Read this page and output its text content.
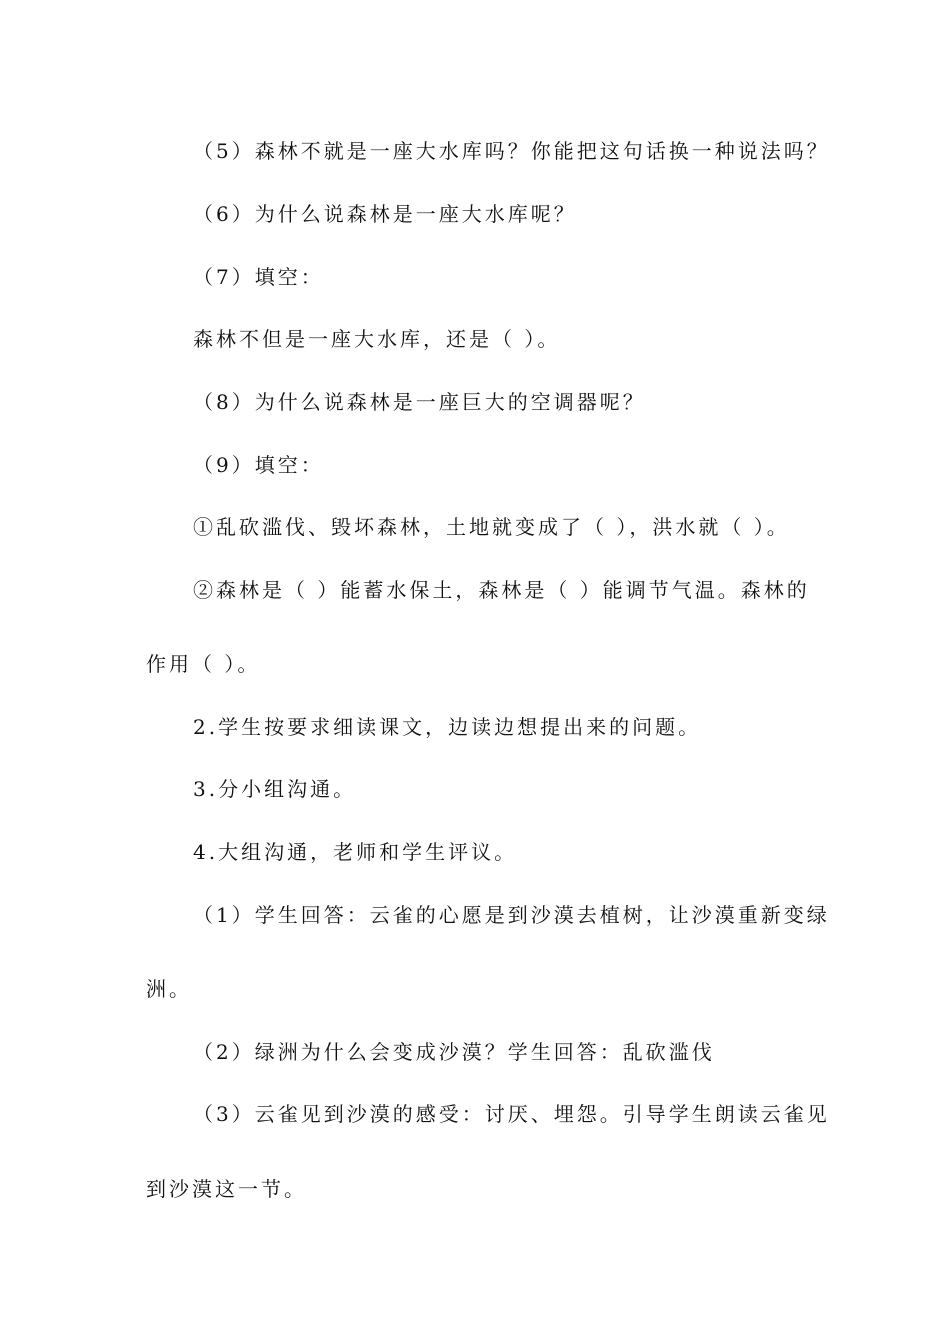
（5）森林不就是一座大水库吗？你能把这句话换一种说法吗？
（6）为什么说森林是一座大水库呢？
（7）填空：
森林不但是一座大水库，还是（ ）。
（8）为什么说森林是一座巨大的空调器呢？
（9）填空：
①乱砍滥伐、毁坏森林，土地就变成了（ ），洪水就（ ）。
②森林是（ ）能蓄水保土，森林是（ ）能调节气温。森林的
作用（ ）。
2.学生按要求细读课文，边读边想提出来的问题。
3.分小组沟通。
4.大组沟通，老师和学生评议。
（1）学生回答：云雀的心愿是到沙漠去植树，让沙漠重新变绿
洲。
（2）绿洲为什么会变成沙漠？学生回答：乱砍滥伐
（3）云雀见到沙漠的感受：讨厌、埋怨。引导学生朗读云雀见
到沙漠这一节。
